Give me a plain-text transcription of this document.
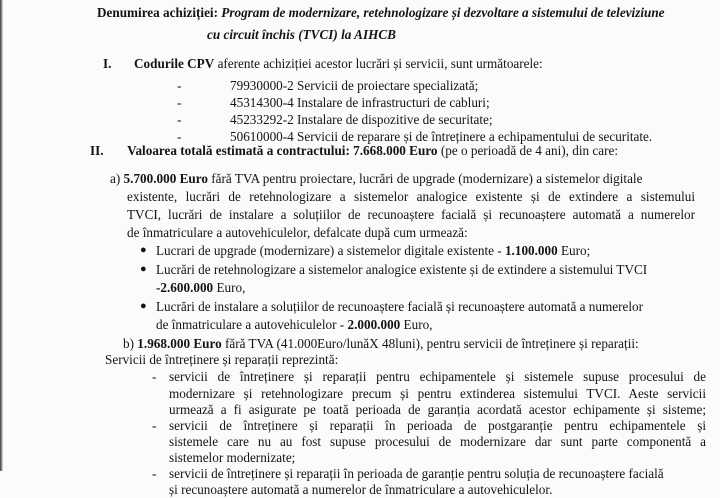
Denumirea achiziției: Program de modernizare, retehnologizare și dezvoltare a sistemului de televiziune
cu circuit închis (TVCI) la AIHCB
I. Codurile CPV aferente achiziției acestor lucrări și servicii, sunt următoarele:
-	79930000-2 Servicii de proiectare specializată;
-	45314300-4 Instalare de infrastructuri de cabluri;
-	45233292-2 Instalare de dispozitive de securitate;
-	50610000-4 Servicii de reparare și de întreținere a echipamentului de securitate.
II. Valoarea totală estimată a contractului: 7.668.000 Euro (pe o perioadă de 4 ani), din care:
a) 5.700.000 Euro fără TVA pentru proiectare, lucrări de upgrade (modernizare) a sistemelor digitale
existente, lucrări de retehnologizare a sistemelor analogice existente și de extindere a sistemului
TVCI, lucrări de instalare a soluțiilor de recunoaștere facială și recunoaștere automată a numerelor
de înmatriculare a autovehiculelor, defalcate după cum urmează:
● Lucrari de upgrade (modernizare) a sistemelor digitale existente - 1.100.000 Euro;
● Lucrări de retehnologizare a sistemelor analogice existente și de extindere a sistemului TVCI
-2.600.000 Euro,
● Lucrări de instalare a soluțiilor de recunoaștere facială și recunoaștere automată a numerelor
de înmatriculare a autovehiculelor - 2.000.000 Euro,
b) 1.968.000 Euro fără TVA (41.000Euro/lunăX 48luni), pentru servicii de întreținere și reparații:
Servicii de întreținere și reparații reprezintă:
- servicii de întreținere și reparații pentru echipamentele și sistemele supuse procesului de
modernizare și retehnologizare precum și pentru extinderea sistemului TVCI. Aeste servicii
urmează a fi asigurate pe toată perioada de garanția acordată acestor echipamente și sisteme;
- servicii de întreținere și reparații în perioada de postgaranție pentru echipamentele și
sistemele care nu au fost supuse procesului de modernizare dar sunt parte componentă a
sistemelor modernizate;
- servicii de întreținere și reparații în perioada de garanție pentru soluția de recunoaștere facială
și recunoaștere automată a numerelor de înmatriculare a autovehiculelor.
